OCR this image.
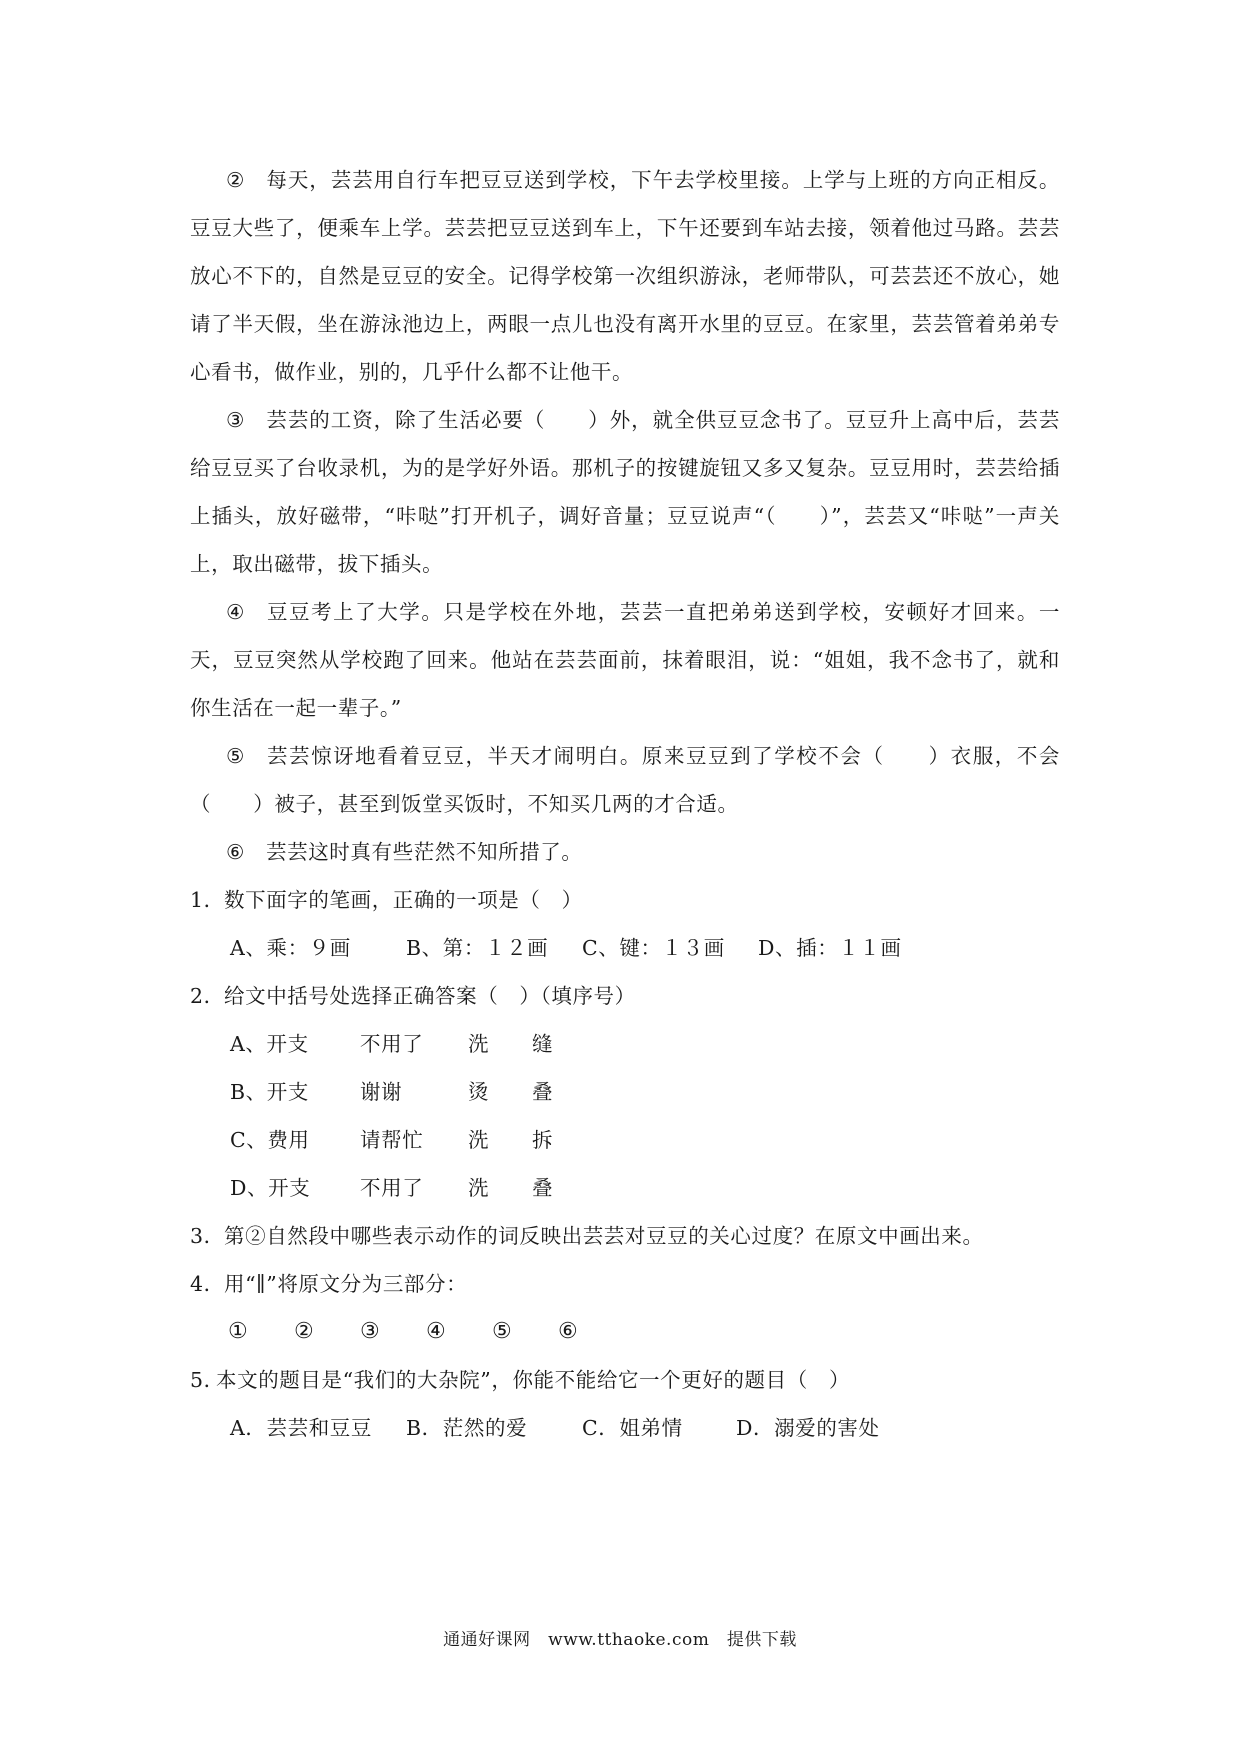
② 每天，芸芸用自行车把豆豆送到学校，下午去学校里接。上学与上班的方向正相反。豆豆大些了，便乘车上学。芸芸把豆豆送到车上，下午还要到车站去接，领着他过马路。芸芸放心不下的，自然是豆豆的安全。记得学校第一次组织游泳，老师带队，可芸芸还不放心，她请了半天假，坐在游泳池边上，两眼一点儿也没有离开水里的豆豆。在家里，芸芸管着弟弟专心看书，做作业，别的，几乎什么都不让他干。

③ 芸芸的工资，除了生活必要（　　）外，就全供豆豆念书了。豆豆升上高中后，芸芸给豆豆买了台收录机，为的是学好外语。那机子的按键旋钮又多又复杂。豆豆用时，芸芸给插上插头，放好磁带，“咔哒”打开机子，调好音量；豆豆说声“（　　）”，芸芸又“咔哒”一声关上，取出磁带，拔下插头。

④ 豆豆考上了大学。只是学校在外地，芸芸一直把弟弟送到学校，安顿好才回来。一天，豆豆突然从学校跑了回来。他站在芸芸面前，抹着眼泪，说：“姐姐，我不念书了，就和你生活在一起一辈子。”

⑤ 芸芸惊讶地看着豆豆，半天才闹明白。原来豆豆到了学校不会（　　）衣服，不会（　　）被子，甚至到饭堂买饭时，不知买几两的才合适。

⑥ 芸芸这时真有些茫然不知所措了。

1．数下面字的笔画，正确的一项是（　）

A、乘：９画	B、第：１２画 C、键：１３画 D、插：１１画

2．给文中括号处选择正确答案（　）（填序号）

A、开支	不用了 洗 缝
B、开支 谢谢	烫 叠
C、费用 请帮忙 洗 拆
D、开支 不用了 洗 叠

3．第②自然段中哪些表示动作的词反映出芸芸对豆豆的关心过度？在原文中画出来。

4．用“∥”将原文分为三部分：

① ② ③ ④ ⑤ ⑥

5．本文的题目是“我们的大杂院”，你能不能给它一个更好的题目（　）

A．芸芸和豆豆 B．茫然的爱	C．姐弟情	D．溺爱的害处

通通好课网　www.tthaoke.com　提供下载
